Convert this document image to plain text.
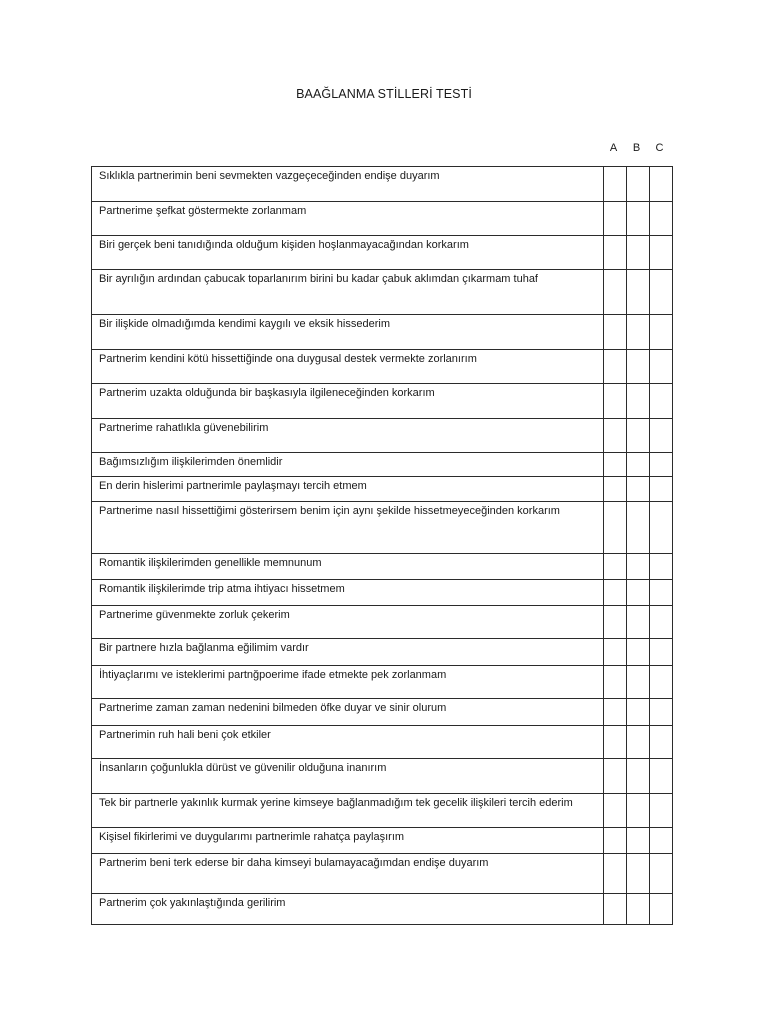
BAAĞLANMA STİLLERİ TESTİ
A	B	C
Sıklıkla partnerimin beni sevmekten vazgeçeceğinden endişe duyarım			
Partnerime şefkat göstermekte zorlanmam			
Biri gerçek beni tanıdığında olduğum kişiden hoşlanmayacağından korkarım			
Bir ayrılığın ardından çabucak toparlanırım birini bu kadar çabuk aklımdan çıkarmam tuhaf			
Bir ilişkide olmadığımda kendimi kaygılı ve eksik hissederim			
Partnerim kendini kötü hissettiğinde ona duygusal destek vermekte zorlanırım			
Partnerim uzakta olduğunda bir başkasıyla ilgileneceğinden korkarım			
Partnerime rahatlıkla güvenebilirim			
Bağımsızlığım ilişkilerimden önemlidir			
En derin hislerimi partnerimle paylaşmayı tercih etmem			
Partnerime nasıl hissettiğimi gösterirsem benim için aynı şekilde hissetmeyeceğinden korkarım			
Romantik ilişkilerimden genellikle memnunum			
Romantik ilişkilerimde trip atma ihtiyacı hissetmem			
Partnerime güvenmekte zorluk çekerim			
Bir partnere hızla bağlanma eğilimim vardır			
İhtiyaçlarımı ve isteklerimi partnğpoerime ifade etmekte pek zorlanmam			
Partnerime zaman zaman nedenini bilmeden öfke duyar ve sinir olurum			
Partnerimin ruh hali beni çok etkiler			
İnsanların çoğunlukla dürüst ve güvenilir olduğuna inanırım			
Tek bir partnerle yakınlık kurmak yerine kimseye bağlanmadığım tek gecelik ilişkileri tercih ederim			
Kişisel fikirlerimi ve duygularımı partnerimle rahatça paylaşırım			
Partnerim beni terk ederse bir daha kimseyi bulamayacağımdan endişe duyarım			
Partnerim çok yakınlaştığında gerilirim			
